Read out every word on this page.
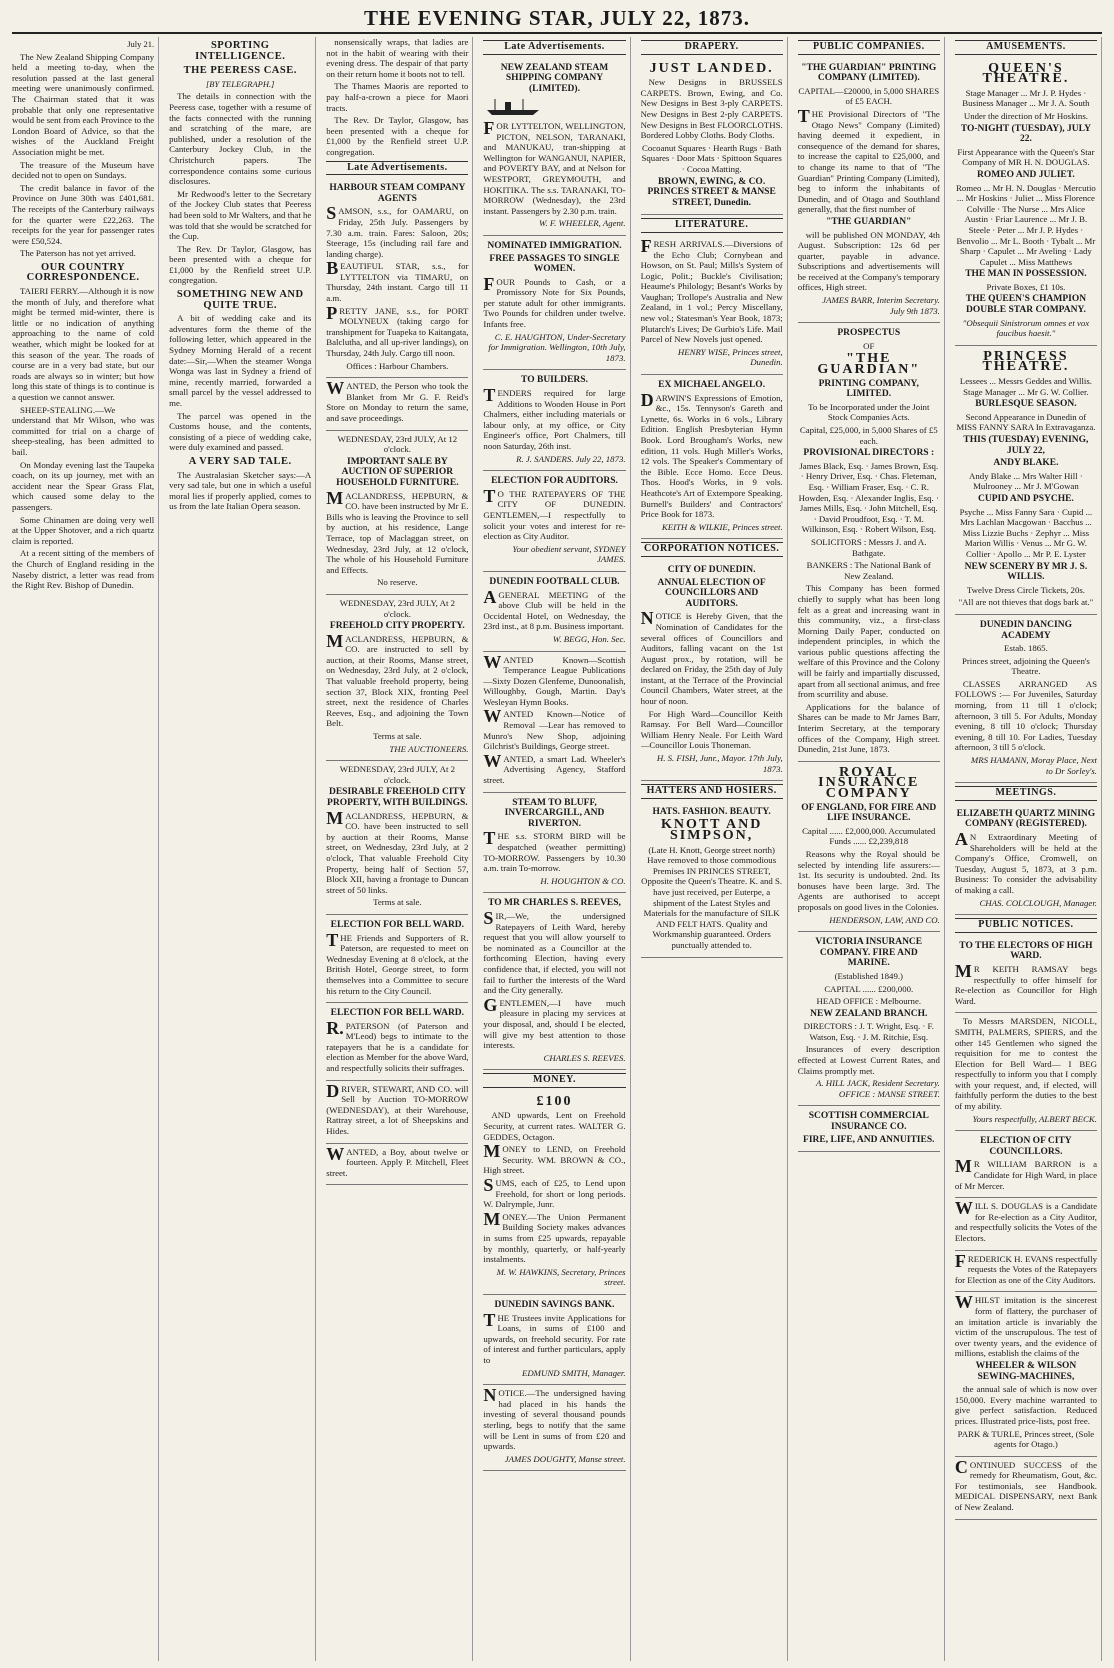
THE EVENING STAR, JULY 22, 1873.
July 21.

The New Zealand Shipping Company held a meeting to-day, when the resolution passed at the last general meeting were unanimously confirmed. The Chairman stated that it was probable that only one representative would be sent from each Province to the London Board of Advice, so that the wishes of the Auckland Freight Association might be met.

The treasure of the Museum have decided not to open on Sundays.

The credit balance in favor of the Province on June 30th was £401,681. The receipts of the Canterbury railways for the quarter were £22,263. The receipts for the year for passenger rates were £50,524.

The Paterson has not yet arrived.

OUR COUNTRY CORRESPONDENCE.

TAIERI FERRY.—Although it is now the month of July, and therefore what might be termed mid-winter, there is little or no indication of anything approaching to the name of cold weather, which might be looked for at this season of the year. The roads of course are in a very bad state, but our roads are always so in winter; but how long this state of things is to continue is a question we cannot answer.

SHEEP-STEALING.—We understand that Mr Wilson, who was committed for trial on a charge of sheep-stealing, has been admitted to bail.

On Monday evening last the Taupeka coach, on its up journey, met with an accident near the Spear Grass Flat, which caused some delay to the passengers.

Some Chinamen are doing very well at the Upper Shotover, and a rich quartz claim is reported.

At a recent sitting of the members of the Church of England residing in the Naseby district, a letter was read from the Right Rev. Bishop of Dunedin.

SPORTING INTELLIGENCE.
THE PEERESS CASE.
[BY TELEGRAPH.]

The details in connection with the Peeress case, together with a resume of the facts connected with the running and scratching of the mare, are published, under a resolution of the Canterbury Jockey Club, in the Christchurch papers. The correspondence contains some curious disclosures.

Mr Redwood's letter to the Secretary of the Jockey Club states that Peeress had been sold to Mr Walters, and that he was told that she would be scratched for the Cup.

The Rev. Dr Taylor, Glasgow, has been presented with a cheque for £1,000 by the Renfield street U.P. congregation.

SOMETHING NEW AND QUITE TRUE.

A bit of wedding cake and its adventures form the theme of the following letter, which appeared in the Sydney Morning Herald of a recent date:—Sir,—When the steamer Wonga Wonga was last in Sydney a friend of mine, recently married, forwarded a small parcel by the vessel addressed to me.

The parcel was opened in the Customs house, and the contents, consisting of a piece of wedding cake, were duly examined and passed.

A VERY SAD TALE.

The Australasian Sketcher says:—A very sad tale, but one in which a useful moral lies if properly applied, comes to us from the late Italian Opera season.

nonsensically wraps, that ladies are not in the habit of wearing with their evening dress. The despair of that party on their return home it boots not to tell.

The Thames Maoris are reported to pay half-a-crown a piece for Maori tracts.

The Rev. Dr Taylor, Glasgow, has been presented with a cheque for £1,000 by the Renfield street U.P. congregation.

Late Advertisements.
HARBOUR STEAM COMPANY AGENTS

SAMSON, s.s., for OAMARU, on Friday, 25th July. Passengers by 7.30 a.m. train. Fares: Saloon, 20s; Steerage, 15s (including rail fare and landing charge).

BEAUTIFUL STAR, s.s., for LYTTELTON via TIMARU, on Thursday, 24th instant. Cargo till 11 a.m.

PRETTY JANE, s.s., for PORT MOLYNEUX (taking cargo for transhipment for Tuapeka to Kaitangata, Balclutha, and all up-river landings), on Thursday, 24th July. Cargo till noon.

Offices : Harbour Chambers.

WANTED, the Person who took the Blanket from Mr G. F. Reid's Store on Monday to return the same, and save proceedings.

WEDNESDAY, 23rd JULY, At 12 o'clock.

IMPORTANT SALE BY AUCTION OF SUPERIOR HOUSEHOLD FURNITURE.

MACLANDRESS, HEPBURN, & CO. have been instructed by Mr E. Bills who is leaving the Province to sell by auction, at his residence, Lange Terrace, top of Maclaggan street, on Wednesday, 23rd July, at 12 o'clock, The whole of his Household Furniture and Effects.

No reserve.

WEDNESDAY, 23rd JULY, At 2 o'clock.

FREEHOLD CITY PROPERTY.

MACLANDRESS, HEPBURN, & CO. are instructed to sell by auction, at their Rooms, Manse street, on Wednesday, 23rd July, at 2 o'clock, That valuable freehold property, being section 37, Block XIX, fronting Peel street, next the residence of Charles Reeves, Esq., and adjoining the Town Belt.

Terms at sale.

THE AUCTIONEERS.

WEDNESDAY, 23rd JULY, At 2 o'clock.

DESIRABLE FREEHOLD CITY PROPERTY, WITH BUILDINGS.

MACLANDRESS, HEPBURN, & CO. have been instructed to sell by auction at their Rooms, Manse street, on Wednesday, 23rd July, at 2 o'clock, That valuable Freehold City Property, being half of Section 57, Block XII, having a frontage to Duncan street of 50 links.

Terms at sale.

ELECTION FOR BELL WARD.

THE Friends and Supporters of R. Paterson, are requested to meet on Wednesday Evening at 8 o'clock, at the British Hotel, George street, to form themselves into a Committee to secure his return to the City Council.

ELECTION FOR BELL WARD.

R.PATERSON (of Paterson and M'Leod) begs to intimate to the ratepayers that he is a candidate for election as Member for the above Ward, and respectfully solicits their suffrages.

DRIVER, STEWART, AND CO. will Sell by Auction TO-MORROW (WEDNESDAY), at their Warehouse, Rattray street, a lot of Sheepskins and Hides.

WANTED, a Boy, about twelve or fourteen. Apply P. Mitchell, Fleet street.

Late Advertisements.
NEW ZEALAND STEAM SHIPPING COMPANY (LIMITED).

FOR LYTTELTON, WELLINGTON, PICTON, NELSON, TARANAKI, and MANUKAU, tran-shipping at Wellington for WANGANUI, NAPIER, and POVERTY BAY, and at Nelson for WESTPORT, GREYMOUTH, and HOKITIKA. The s.s. TARANAKI, TO-MORROW (Wednesday), the 23rd instant. Passengers by 2.30 p.m. train.

W. F. WHEELER, Agent.

NOMINATED IMMIGRATION.
FREE PASSAGES TO SINGLE WOMEN.

FOUR Pounds to Cash, or a Promissory Note for Six Pounds, per statute adult for other immigrants. Two Pounds for children under twelve. Infants free.

C. E. HAUGHTON, Under-Secretary for Immigration. Wellington, 10th July, 1873.

TO BUILDERS.

TENDERS required for large Additions to Wooden House in Port Chalmers, either including materials or labour only, at my office, or City Engineer's office, Port Chalmers, till noon Saturday, 26th inst.

R. J. SANDERS. July 22, 1873.

ELECTION FOR AUDITORS.

TO THE RATEPAYERS OF THE CITY OF DUNEDIN. GENTLEMEN,—I respectfully to solicit your votes and interest for re-election as City Auditor.

Your obedient servant, SYDNEY JAMES.

DUNEDIN FOOTBALL CLUB.

AGENERAL MEETING of the above Club will be held in the Occidental Hotel, on Wednesday, the 23rd inst., at 8 p.m. Business important.

W. BEGG, Hon. Sec.

WANTED Known—Scottish Temperance League Publications—Sixty Dozen Glenfeme, Dunoonalish, Willoughby, Gough, Martin. Day's Wesleyan Hymn Books.

WANTED Known—Notice of Removal —Lear has removed to Munro's New Shop, adjoining Gilchrist's Buildings, George street.

WANTED, a smart Lad. Wheeler's Advertising Agency, Stafford street.

STEAM TO BLUFF, INVERCARGILL, AND RIVERTON.

THE s.s. STORM BIRD will be despatched (weather permitting) TO-MORROW. Passengers by 10.30 a.m. train To-morrow.

H. HOUGHTON & CO.

TO MR CHARLES S. REEVES,

SIR,—We, the undersigned Ratepayers of Leith Ward, hereby request that you will allow yourself to be nominated as a Councillor at the forthcoming Election, having every confidence that, if elected, you will not fail to further the interests of the Ward and the City generally.

GENTLEMEN,—I have much pleasure in placing my services at your disposal, and, should I be elected, will give my best attention to those interests.

CHARLES S. REEVES.

MONEY.
£100

AND upwards, Lent on Freehold Security, at current rates. WALTER G. GEDDES, Octagon.

MONEY to LEND, on Freehold Security. WM. BROWN & CO., High street.

SUMS, each of £25, to Lend upon Freehold, for short or long periods. W. Dalrymple, Junr.

MONEY.—The Union Permanent Building Society makes advances in sums from £25 upwards, repayable by monthly, quarterly, or half-yearly instalments.

M. W. HAWKINS, Secretary, Princes street.

DUNEDIN SAVINGS BANK.

THE Trustees invite Applications for Loans, in sums of £100 and upwards, on freehold security. For rate of interest and further particulars, apply to

EDMUND SMITH, Manager.

NOTICE.—The undersigned having had placed in his hands the investing of several thousand pounds sterling, begs to notify that the same will be Lent in sums of from £20 and upwards.

JAMES DOUGHTY, Manse street.

DRAPERY.
JUST LANDED.

New Designs in BRUSSELS CARPETS. Brown, Ewing, and Co. New Designs in Best 3-ply CARPETS. New Designs in Best 2-ply CARPETS. New Designs in Best FLOORCLOTHS. Bordered Lobby Cloths. Body Cloths.

Cocoanut Squares · Hearth Rugs · Bath Squares · Door Mats · Spittoon Squares · Cocoa Matting.

BROWN, EWING, & CO. PRINCES STREET & MANSE STREET, Dunedin.
LITERATURE.

FRESH ARRIVALS.—Diversions of the Echo Club; Cornybean and Howson, on St. Paul; Mills's System of Logic, Polit.; Buckle's Civilisation; Heaume's Philology; Besant's Works by Vaughan; Trollope's Australia and New Zealand, in 1 vol.; Percy Miscellany, new vol.; Statesman's Year Book, 1873; Plutarch's Lives; De Gurbio's Life. Mail Parcel of New Novels just opened.

HENRY WISE, Princes street, Dunedin.

EX MICHAEL ANGELO.

DARWIN'S Expressions of Emotion, &c., 15s. Tennyson's Gareth and Lynette, 6s. Works in 6 vols., Library Edition. English Presbyterian Hymn Book. Lord Brougham's Works, new edition, 11 vols. Hugh Miller's Works, 12 vols. The Speaker's Commentary of the Bible. Ecce Homo. Ecce Deus. Thos. Hood's Works, in 9 vols. Heathcote's Art of Extempore Speaking. Burnell's Builders' and Contractors' Price Book for 1873.

KEITH & WILKIE, Princes street.

CORPORATION NOTICES.
CITY OF DUNEDIN.
ANNUAL ELECTION OF COUNCILLORS AND AUDITORS.

NOTICE is Hereby Given, that the Nomination of Candidates for the several offices of Councillors and Auditors, falling vacant on the 1st August prox., by rotation, will be declared on Friday, the 25th day of July instant, at the Terrace of the Provincial Council Chambers, Water street, at the hour of noon.

For High Ward—Councillor Keith Ramsay. For Bell Ward—Councillor William Henry Neale. For Leith Ward—Councillor Louis Thoneman.

H. S. FISH, Junr., Mayor. 17th July, 1873.

HATTERS AND HOSIERS.
HATS. FASHION. BEAUTY.
KNOTT AND SIMPSON,

(Late H. Knott, George street north) Have removed to those commodious Premises IN PRINCES STREET, Opposite the Queen's Theatre. K. and S. have just received, per Euterpe, a shipment of the Latest Styles and Materials for the manufacture of SILK AND FELT HATS. Quality and Workmanship guaranteed. Orders punctually attended to.

PUBLIC COMPANIES.
"THE GUARDIAN" PRINTING COMPANY (LIMITED).

CAPITAL—£20000, in 5,000 SHARES of £5 EACH.

THE Provisional Directors of "The Otago News" Company (Limited) having deemed it expedient, in consequence of the demand for shares, to increase the capital to £25,000, and to change its name to that of "The Guardian" Printing Company (Limited), beg to inform the inhabitants of Dunedin, and of Otago and Southland generally, that the first number of

"THE GUARDIAN"

will be published ON MONDAY, 4th August. Subscription: 12s 6d per quarter, payable in advance. Subscriptions and advertisements will be received at the Company's temporary offices, High street.

JAMES BARR, Interim Secretary. July 9th 1873.

PROSPECTUS

OF

"THE GUARDIAN"
PRINTING COMPANY, LIMITED.

To be Incorporated under the Joint Stock Companies Acts.

Capital, £25,000, in 5,000 Shares of £5 each.

PROVISIONAL DIRECTORS :

James Black, Esq. · James Brown, Esq. · Henry Driver, Esq. · Chas. Fleteman, Esq. · William Fraser, Esq. · C. R. Howden, Esq. · Alexander Inglis, Esq. · James Mills, Esq. · John Mitchell, Esq. · David Proudfoot, Esq. · T. M. Wilkinson, Esq. · Robert Wilson, Esq.

SOLICITORS : Messrs J. and A. Bathgate.

BANKERS : The National Bank of New Zealand.

This Company has been formed chiefly to supply what has been long felt as a great and increasing want in this community, viz., a first-class Morning Daily Paper, conducted on independent principles, in which the various public questions affecting the welfare of this Province and the Colony will be fairly and impartially discussed, apart from all sectional animus, and free from scurrility and abuse.

Applications for the balance of Shares can be made to Mr James Barr, Interim Secretary, at the temporary offices of the Company, High street. Dunedin, 21st June, 1873.

ROYAL INSURANCE COMPANY
OF ENGLAND, FOR FIRE AND LIFE INSURANCE.

Capital ...... £2,000,000. Accumulated Funds ...... £2,239,818

Reasons why the Royal should be selected by intending life assurers:— 1st. Its security is undoubted. 2nd. Its bonuses have been large. 3rd. The Agents are authorised to accept proposals on good lives in the Colonies.

HENDERSON, LAW, AND CO.

VICTORIA INSURANCE COMPANY. FIRE AND MARINE.

(Established 1849.)

CAPITAL ...... £200,000.

HEAD OFFICE : Melbourne.

NEW ZEALAND BRANCH.

DIRECTORS : J. T. Wright, Esq. · F. Watson, Esq. · J. M. Ritchie, Esq.

Insurances of every description effected at Lowest Current Rates, and Claims promptly met.

A. HILL JACK, Resident Secretary. OFFICE : MANSE STREET.

SCOTTISH COMMERCIAL INSURANCE CO.
FIRE, LIFE, AND ANNUITIES.
AMUSEMENTS.
QUEEN'S THEATRE.

Stage Manager ... Mr J. P. Hydes · Business Manager ... Mr J. A. South

Under the direction of Mr Hoskins.

TO-NIGHT (TUESDAY), JULY 22.

First Appearance with the Queen's Star Company of MR H. N. DOUGLAS.

ROMEO AND JULIET.

Romeo ... Mr H. N. Douglas · Mercutio ... Mr Hoskins · Juliet ... Miss Florence Colville · The Nurse ... Mrs Alice Austin · Friar Laurence ... Mr J. B. Steele · Peter ... Mr J. P. Hydes · Benvolio ... Mr L. Booth · Tybalt ... Mr Sharp · Capulet ... Mr Aveling · Lady Capulet ... Miss Matthews

THE MAN IN POSSESSION.

Private Boxes, £1 10s.

THE QUEEN'S CHAMPION DOUBLE STAR COMPANY.

"Obsequii Sinistrorum omnes et vox faucibus haesit."

PRINCESS THEATRE.

Lessees ... Messrs Geddes and Willis. Stage Manager ... Mr G. W. Collier.

BURLESQUE SEASON.

Second Appearance in Dunedin of MISS FANNY SARA In Extravaganza.

THIS (TUESDAY) EVENING, JULY 22,
ANDY BLAKE.

Andy Blake ... Mrs Walter Hill · Mulrooney ... Mr J. M'Gowan

CUPID AND PSYCHE.

Psyche ... Miss Fanny Sara · Cupid ... Mrs Lachlan Macgowan · Bacchus ... Miss Lizzie Buchs · Zephyr ... Miss Marion Willis · Venus ... Mr G. W. Collier · Apollo ... Mr P. E. Lyster

NEW SCENERY BY MR J. S. WILLIS.

Twelve Dress Circle Tickets, 20s.

"All are not thieves that dogs bark at."

DUNEDIN DANCING ACADEMY

Estab. 1865.

Princes street, adjoining the Queen's Theatre.

CLASSES ARRANGED AS FOLLOWS :— For Juveniles, Saturday morning, from 11 till 1 o'clock; afternoon, 3 till 5. For Adults, Monday evening, 8 till 10 o'clock; Thursday evening, 8 till 10. For Ladies, Tuesday afternoon, 3 till 5 o'clock.

MRS HAMANN, Moray Place, Next to Dr Sorley's.

MEETINGS.
ELIZABETH QUARTZ MINING COMPANY (REGISTERED).

AN Extraordinary Meeting of Shareholders will be held at the Company's Office, Cromwell, on Tuesday, August 5, 1873, at 3 p.m. Business: To consider the advisability of making a call.

CHAS. COLCLOUGH, Manager.

PUBLIC NOTICES.
TO THE ELECTORS OF HIGH WARD.

MR KEITH RAMSAY begs respectfully to offer himself for Re-election as Councillor for High Ward.

To Messrs MARSDEN, NICOLL, SMITH, PALMERS, SPIERS, and the other 145 Gentlemen who signed the requisition for me to contest the Election for Bell Ward— I BEG respectfully to inform you that I comply with your request, and, if elected, will faithfully perform the duties to the best of my ability.

Yours respectfully, ALBERT BECK.

ELECTION OF CITY COUNCILLORS.

MR WILLIAM BARRON is a Candidate for High Ward, in place of Mr Mercer.

WILL S. DOUGLAS is a Candidate for Re-election as a City Auditor, and respectfully solicits the Votes of the Electors.

FREDERICK H. EVANS respectfully requests the Votes of the Ratepayers for Election as one of the City Auditors.

WHILST imitation is the sincerest form of flattery, the purchaser of an imitation article is invariably the victim of the unscrupulous. The test of over twenty years, and the evidence of millions, establish the claims of the

WHEELER & WILSON SEWING-MACHINES,

the annual sale of which is now over 150,000. Every machine warranted to give perfect satisfaction. Reduced prices. Illustrated price-lists, post free.

PARK & TURLE, Princes street, (Sole agents for Otago.)

CONTINUED SUCCESS of the remedy for Rheumatism, Gout, &c. For testimonials, see Handbook. MEDICAL DISPENSARY, next Bank of New Zealand.
